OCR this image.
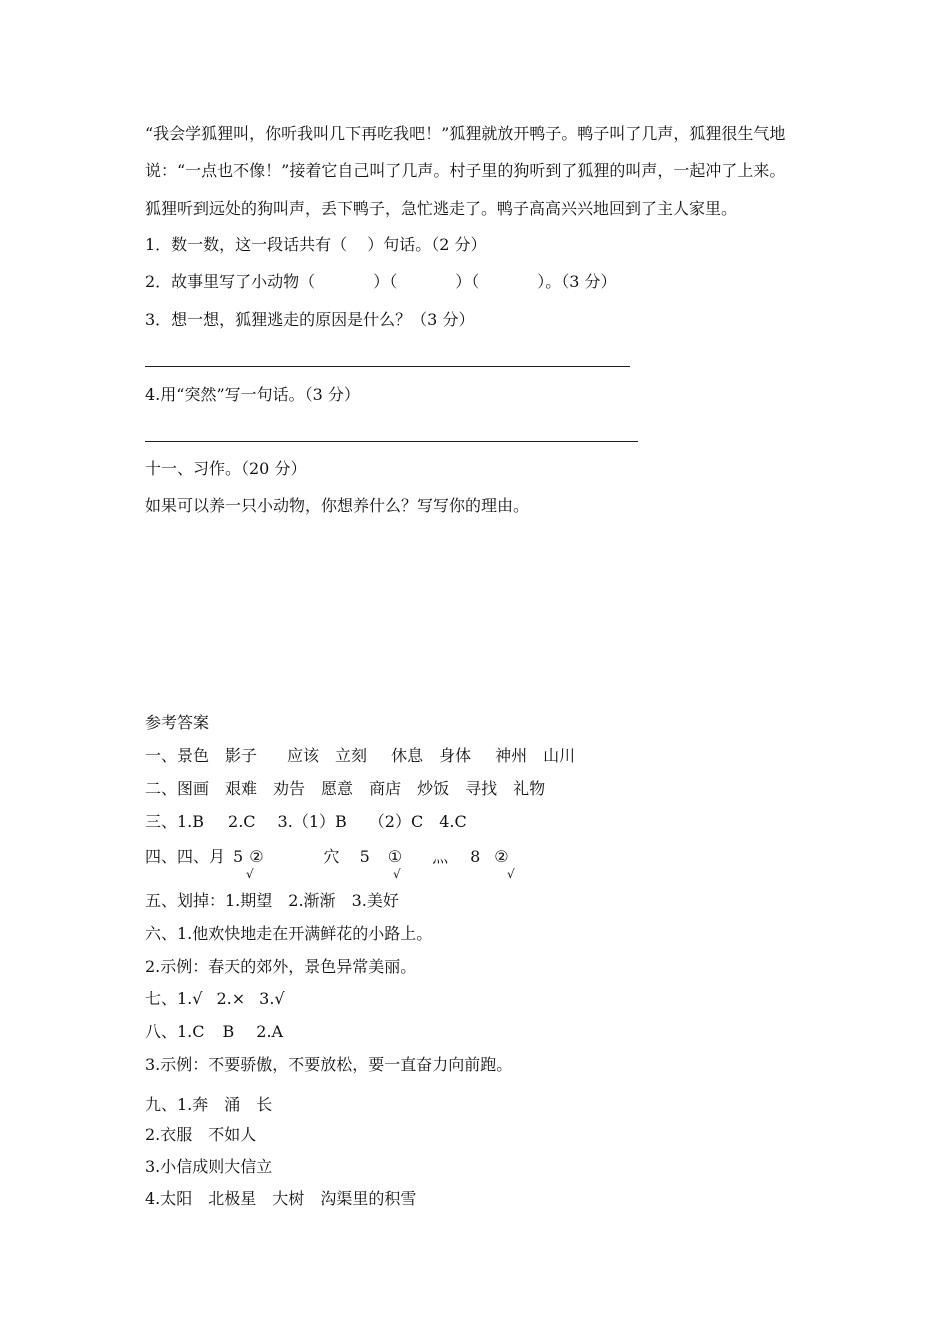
“我会学狐狸叫，你听我叫几下再吃我吧！”狐狸就放开鸭子。鸭子叫了几声，狐狸很生气地
说：“一点也不像！”接着它自己叫了几声。村子里的狗听到了狐狸的叫声，一起冲了上来。
狐狸听到远处的狗叫声，丢下鸭子，急忙逃走了。鸭子高高兴兴地回到了主人家里。
1．数一数，这一段话共有（ ）句话。（2 分）
2．故事里写了小动物（	）（	）（	）。（3 分）
3．想一想，狐狸逃走的原因是什么？（3 分）
4.用“突然”写一句话。（3 分）
十一、习作。（20 分）
如果可以养一只小动物，你想养什么？写写你的理由。
参考答案
一、景色 影子 应该 立刻 休息 身体 神州 山川
二、图画 艰难 劝告 愿意 商店 炒饭 寻找 礼物
三、1.B 2.C 3.（1）B （2）C 4.C
四、四、月 5 ②	穴 5 ① 灬 8 ②
√	√	√
五、划掉：1.期望 2.渐渐 3.美好
六、1.他欢快地走在开满鲜花的小路上。
2.示例：春天的郊外，景色异常美丽。
七、1.√ 2.× 3.√
八、1.C B 2.A
3.示例：不要骄傲，不要放松，要一直奋力向前跑。
九、1.奔 涌 长
2.衣服 不如人
3.小信成则大信立
4.太阳 北极星 大树 沟渠里的积雪
